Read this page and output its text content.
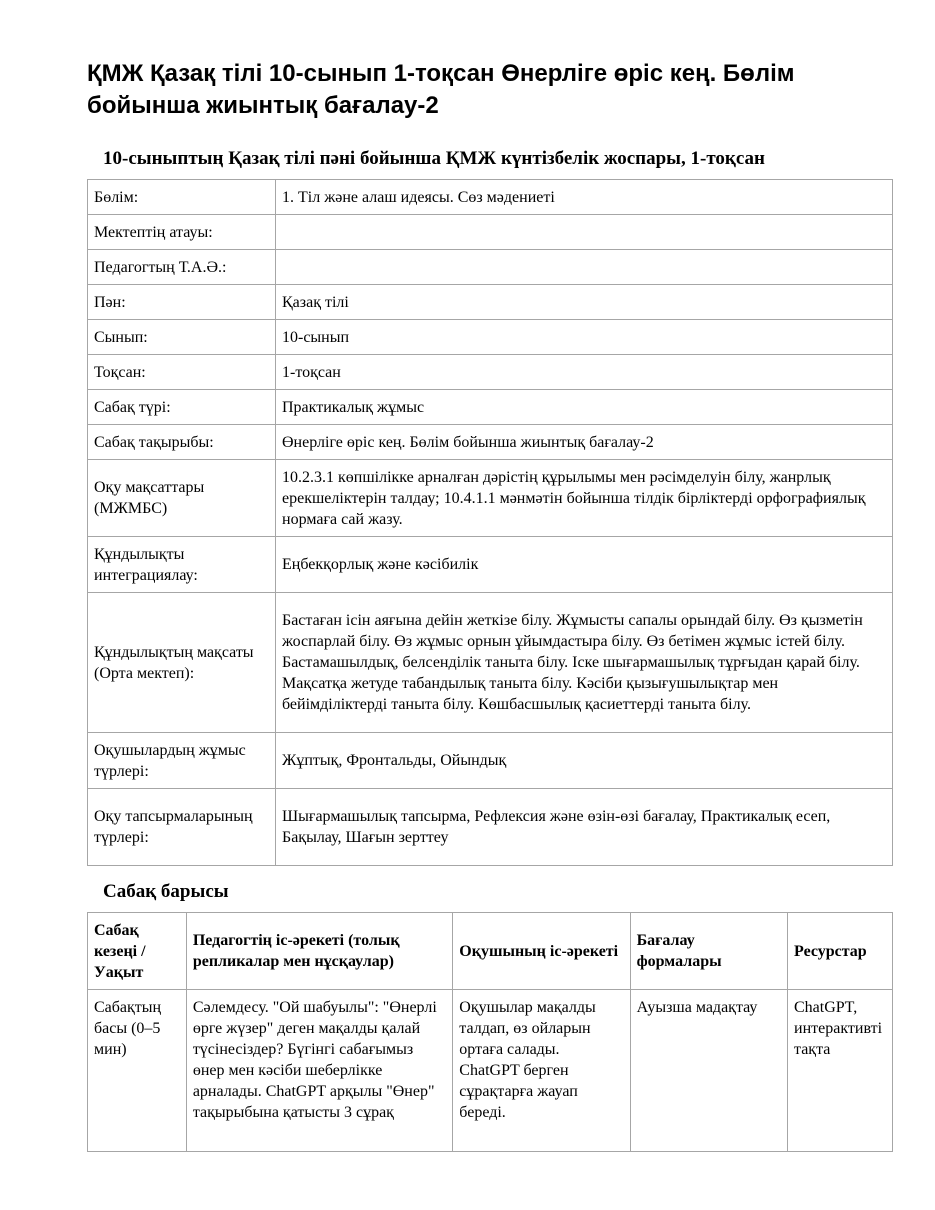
ҚМЖ Қазақ тілі 10-сынып 1-тоқсан Өнерлiге өрiс кең. Бөлім бойынша жиынтық бағалау-2
10-сыныптың Қазақ тілі пәні бойынша ҚМЖ күнтізбелік жоспары, 1-тоқсан
Бөлім:	1. Тіл және алаш идеясы. Сөз мәдениеті
Мектептің атауы:	
Педагогтың Т.А.Ә.:	
Пән:	Қазақ тілі
Сынып:	10-сынып
Тоқсан:	1-тоқсан
Сабақ түрі:	Практикалық жұмыс
Сабақ тақырыбы:	Өнерлiге өрiс кең. Бөлім бойынша жиынтық бағалау-2
Оқу мақсаттары (МЖМБС)	10.2.3.1 көпшілікке арналған дәрістің құрылымы мен рәсімделуін білу, жанрлық ерекшеліктерін талдау; 10.4.1.1 мәнмәтін бойынша тілдік бірліктерді орфографиялық нормаға сай жазу.
Құндылықты интеграциялау:	Еңбекқорлық және кәсібилік
Құндылықтың мақсаты (Орта мектеп):	Бастаған ісін аяғына дейін жеткізе білу. Жұмысты сапалы орындай білу. Өз қызметін жоспарлай білу. Өз жұмыс орнын ұйымдастыра білу. Өз бетімен жұмыс істей білу. Бастамашылдық, белсенділік таныта білу. Іске шығармашылық тұрғыдан қарай білу. Мақсатқа жетуде табандылық таныта білу. Кәсіби қызығушылықтар мен бейімділіктерді таныта білу. Көшбасшылық қасиеттерді таныта білу.
Оқушылардың жұмыс түрлері:	Жұптық, Фронтальды, Ойындық
Оқу тапсырмаларының түрлері:	Шығармашылық тапсырма, Рефлексия және өзін-өзі бағалау, Практикалық есеп, Бақылау, Шағын зерттеу
Сабақ барысы
Сабақ кезеңі / Уақыт	Педагогтің іс-әрекеті (толық репликалар мен нұсқаулар)	Оқушының іс-әрекеті	Бағалау формалары	Ресурстар
Сабақтың басы (0–5 мин)	Сәлемдесу. "Ой шабуылы": "Өнерлі өрге жүзер" деген мақалды қалай түсінесіздер? Бүгінгі сабағымыз өнер мен кәсіби шеберлікке арналады. ChatGPT арқылы "Өнер" тақырыбына қатысты 3 сұрақ	Оқушылар мақалды талдап, өз ойларын ортаға салады. ChatGPT берген сұрақтарға жауап береді.	Ауызша мадақтау	ChatGPT, интерактивті тақта
